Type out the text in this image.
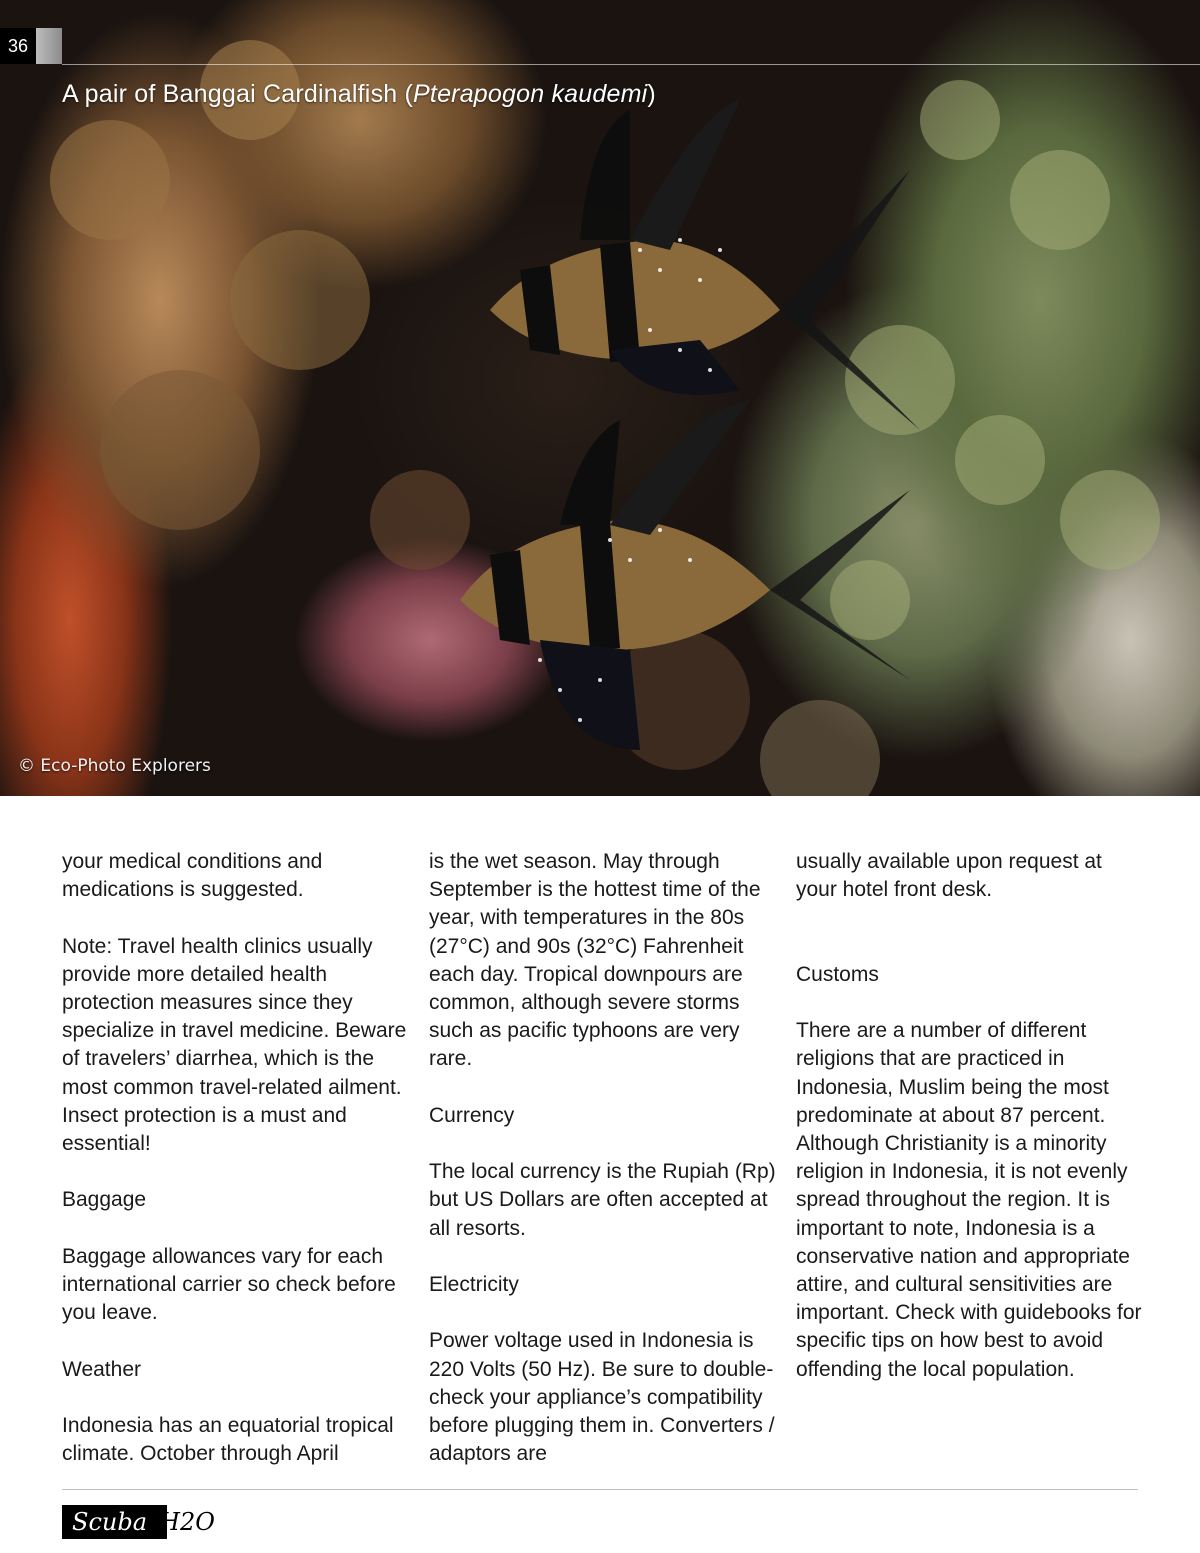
36
A pair of Banggai Cardinalfish (Pterapogon kaudemi)
© Eco-Photo Explorers

your medical conditions and medications is suggested.

Note: Travel health clinics usually provide more detailed health protection measures since they specialize in travel medicine. Beware of travelers’ diarrhea, which is the most common travel-related ailment. Insect protection is a must and essential!

Baggage

Baggage allowances vary for each international carrier so check before you leave.

Weather

Indonesia has an equatorial tropical climate. October through April

is the wet season. May through September is the hottest time of the year, with temperatures in the 80s (27°C) and 90s (32°C) Fahrenheit each day. Tropical downpours are common, although severe storms such as pacific typhoons are very rare.

Currency

The local currency is the Rupiah (Rp) but US Dollars are often accepted at all resorts.

Electricity

Power voltage used in Indonesia is 220 Volts (50 Hz). Be sure to double-check your appliance’s compatibility before plugging them in. Converters / adaptors are

usually available upon request at your hotel front desk.

Customs

There are a number of different religions that are practiced in Indonesia, Muslim being the most predominate at about 87 percent. Although Christianity is a minority religion in Indonesia, it is not evenly spread throughout the region. It is important to note, Indonesia is a conservative nation and appropriate attire, and cultural sensitivities are important. Check with guidebooks for specific tips on how best to avoid offending the local population.

Scuba H2O
